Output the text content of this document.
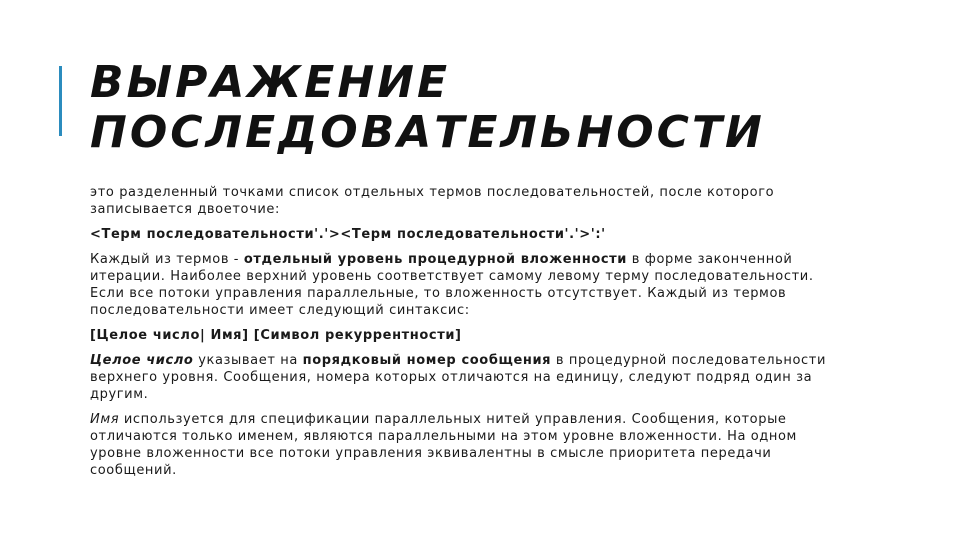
ВЫРАЖЕНИЕ
ПОСЛЕДОВАТЕЛЬНОСТИ

это разделенный точками список отдельных термов последовательностей, после которого записывается двоеточие:

<Терм последовательности'.'><Терм последовательности'.'>':'

Каждый из термов - отдельный уровень процедурной вложенности в форме законченной итерации. Наиболее верхний уровень соответствует самому левому терму последовательности. Если все потоки управления параллельные, то вложенность отсутствует. Каждый из термов последовательности имеет следующий синтаксис:

[Целое число| Имя] [Символ рекуррентности]

Целое число указывает на порядковый номер сообщения в процедурной последовательности верхнего уровня. Сообщения, номера которых отличаются на единицу, следуют подряд один за другим.

Имя используется для спецификации параллельных нитей управления. Сообщения, которые отличаются только именем, являются параллельными на этом уровне вложенности. На одном уровне вложенности все потоки управления эквивалентны в смысле приоритета передачи сообщений.
